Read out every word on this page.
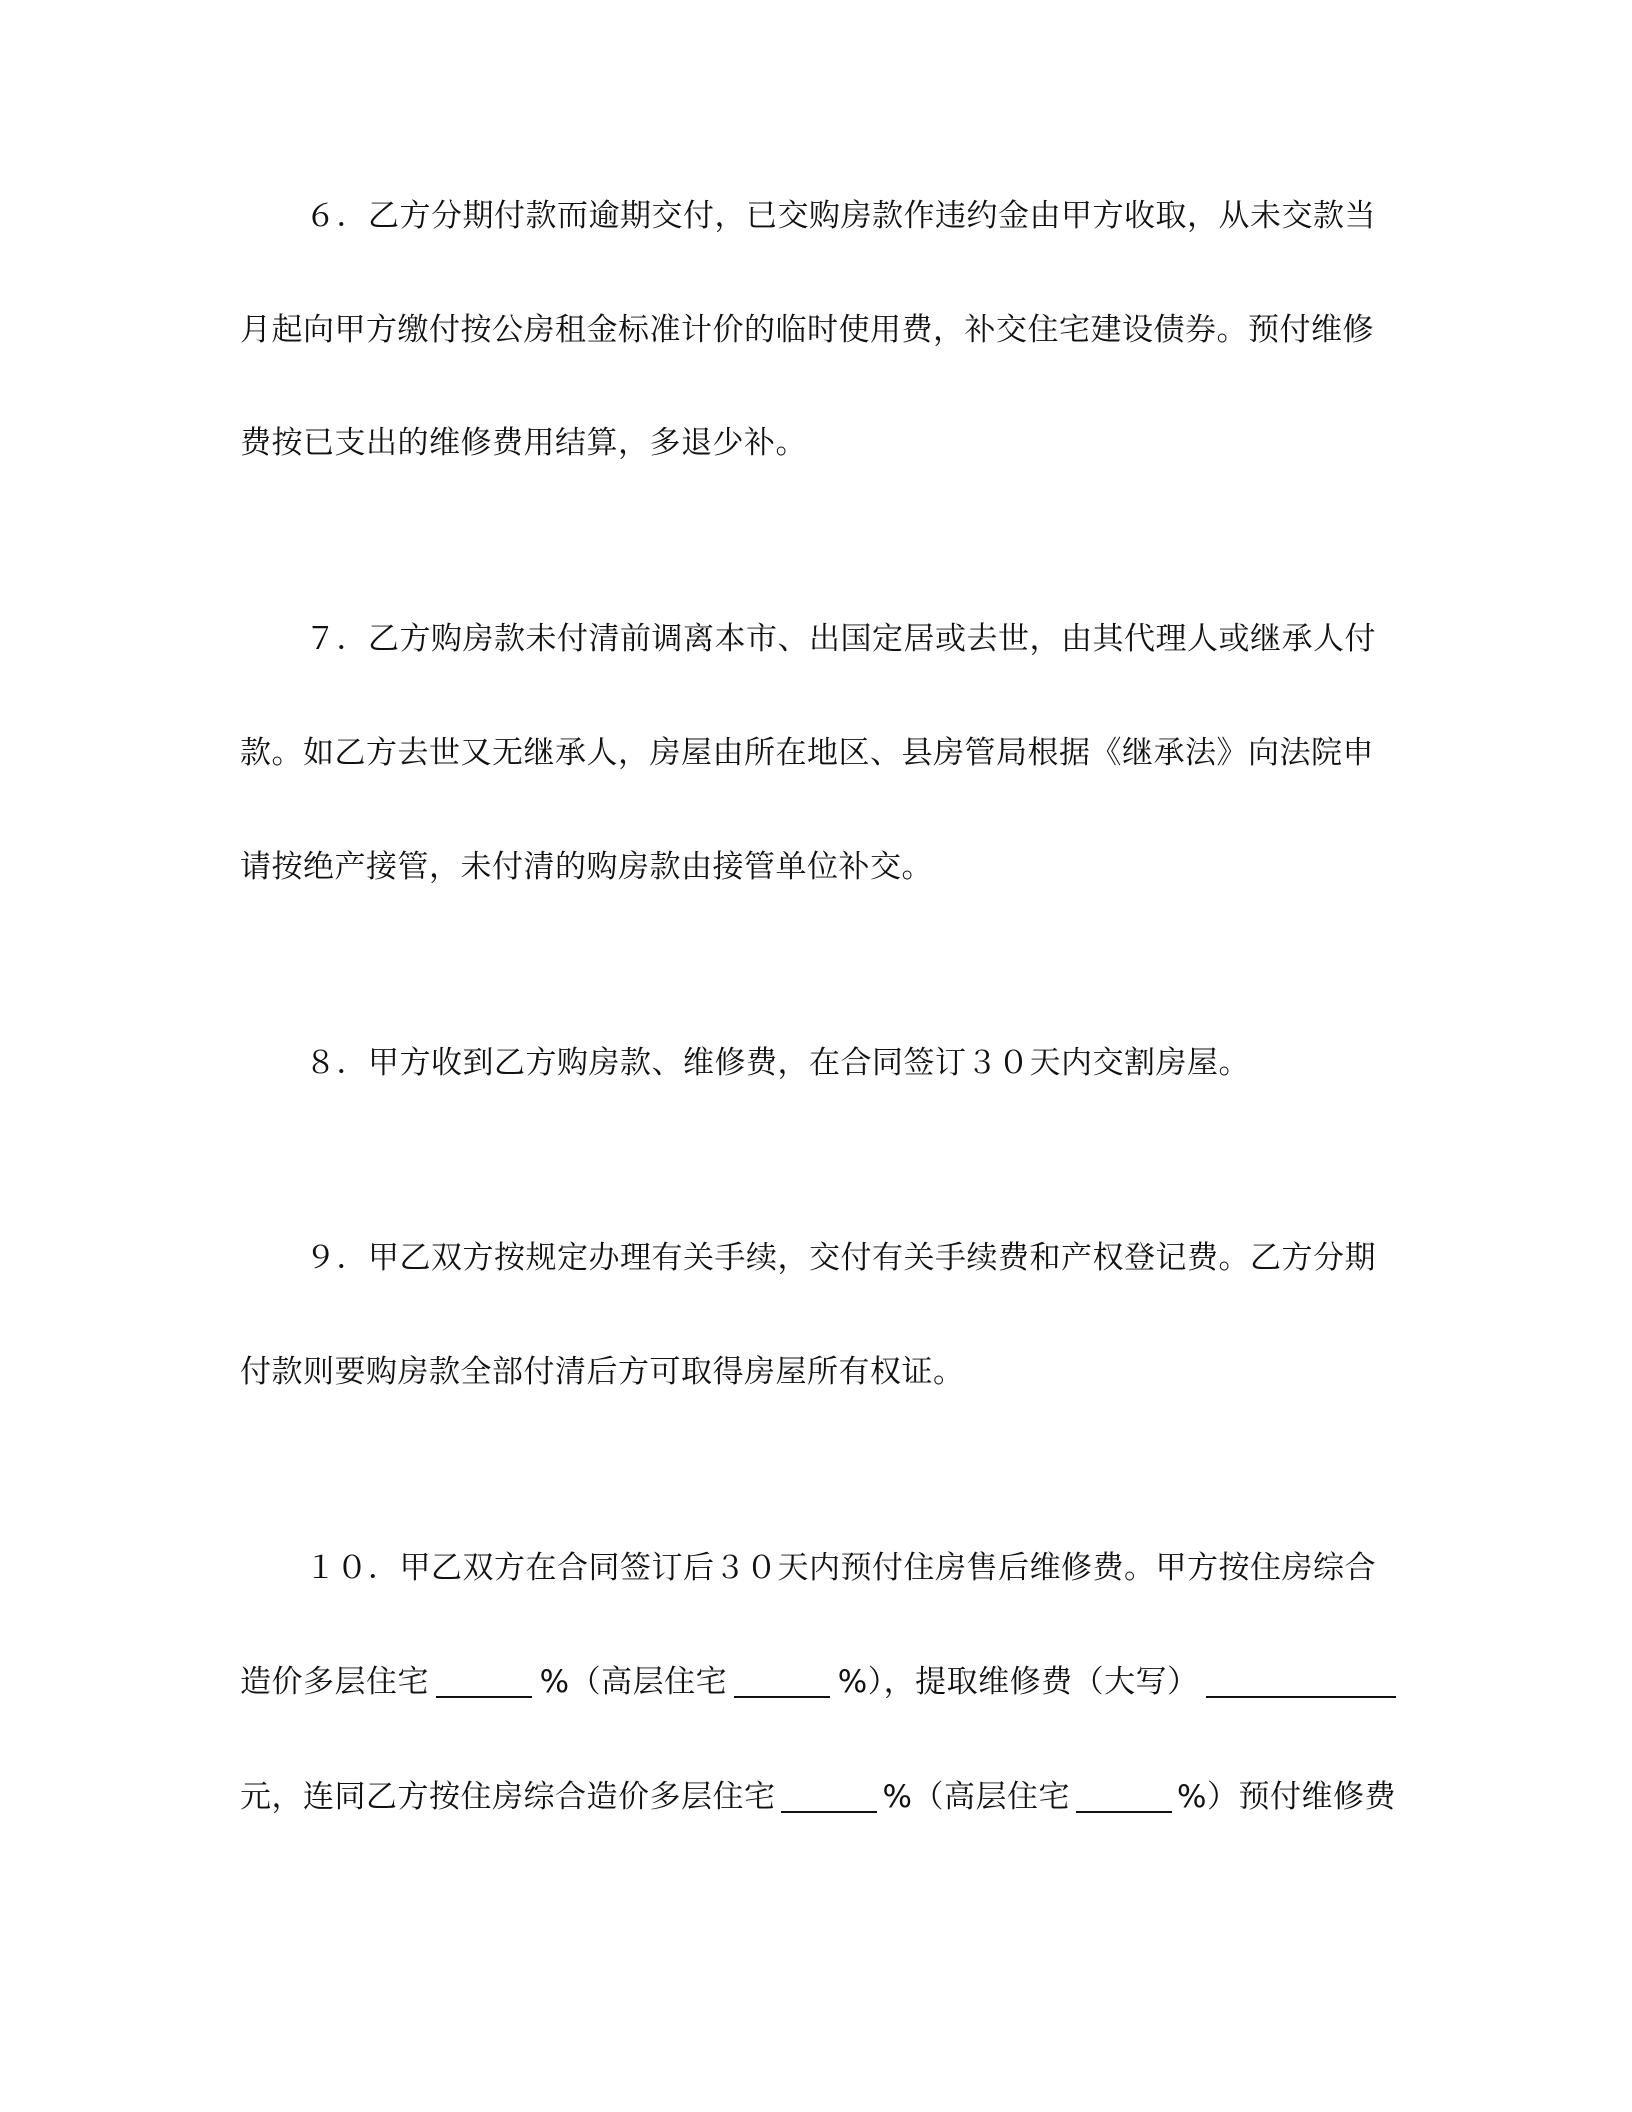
６．乙方分期付款而逾期交付，已交购房款作违约金由甲方收取，从未交款当
月起向甲方缴付按公房租金标准计价的临时使用费，补交住宅建设债券。预付维修
费按已支出的维修费用结算，多退少补。
７．乙方购房款未付清前调离本市、出国定居或去世，由其代理人或继承人付
款。如乙方去世又无继承人，房屋由所在地区、县房管局根据《继承法》向法院申
请按绝产接管，未付清的购房款由接管单位补交。
８．甲方收到乙方购房款、维修费，在合同签订３０天内交割房屋。
９．甲乙双方按规定办理有关手续，交付有关手续费和产权登记费。乙方分期
付款则要购房款全部付清后方可取得房屋所有权证。
１０．甲乙双方在合同签订后３０天内预付住房售后维修费。甲方按住房综合
造价多层住宅	%（高层住宅	%），提取维修费（大写）
元，连同乙方按住房综合造价多层住宅	%（高层住宅	%）预付维修费
